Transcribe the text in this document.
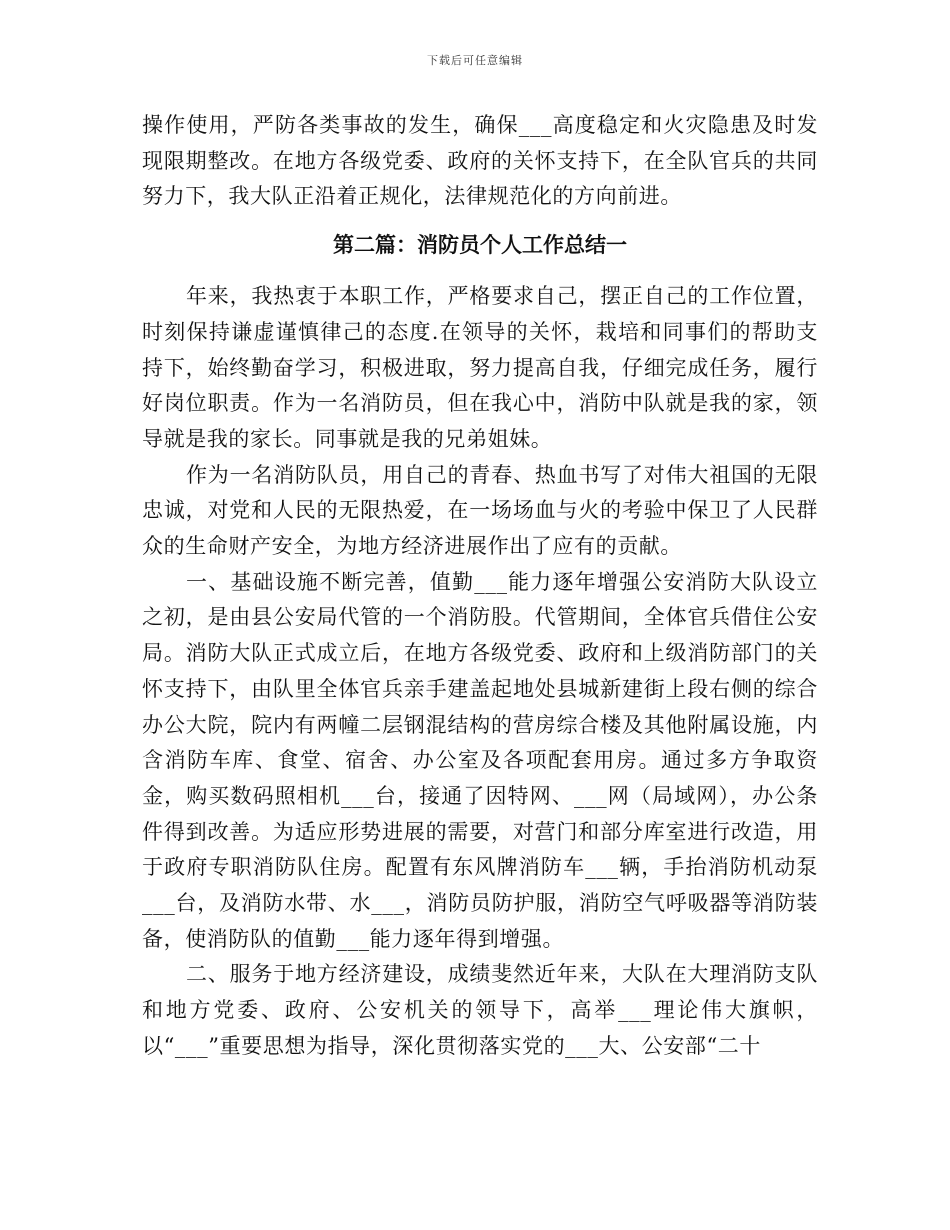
下载后可任意编辑

操作使用，严防各类事故的发生，确保___高度稳定和火灾隐患及时发现限期整改。在地方各级党委、政府的关怀支持下，在全队官兵的共同努力下，我大队正沿着正规化，法律规范化的方向前进。

第二篇：消防员个人工作总结一

年来，我热衷于本职工作，严格要求自己，摆正自己的工作位置，时刻保持谦虚谨慎律己的态度.在领导的关怀，栽培和同事们的帮助支持下，始终勤奋学习，积极进取，努力提高自我，仔细完成任务，履行好岗位职责。作为一名消防员，但在我心中，消防中队就是我的家，领导就是我的家长。同事就是我的兄弟姐妹。

作为一名消防队员，用自己的青春、热血书写了对伟大祖国的无限忠诚，对党和人民的无限热爱，在一场场血与火的考验中保卫了人民群众的生命财产安全，为地方经济进展作出了应有的贡献。

一、基础设施不断完善，值勤___能力逐年增强公安消防大队设立之初，是由县公安局代管的一个消防股。代管期间，全体官兵借住公安局。消防大队正式成立后，在地方各级党委、政府和上级消防部门的关怀支持下，由队里全体官兵亲手建盖起地处县城新建街上段右侧的综合办公大院，院内有两幢二层钢混结构的营房综合楼及其他附属设施，内含消防车库、食堂、宿舍、办公室及各项配套用房。通过多方争取资金，购买数码照相机___台，接通了因特网、___网（局域网），办公条件得到改善。为适应形势进展的需要，对营门和部分库室进行改造，用于政府专职消防队住房。配置有东风牌消防车___辆，手抬消防机动泵___台，及消防水带、水___，消防员防护服，消防空气呼吸器等消防装备，使消防队的值勤___能力逐年得到增强。

二、服务于地方经济建设，成绩斐然近年来，大队在大理消防支队和地方党委、政府、公安机关的领导下，高举___理论伟大旗帜，以“___”重要思想为指导，深化贯彻落实党的___大、公安部“二十
